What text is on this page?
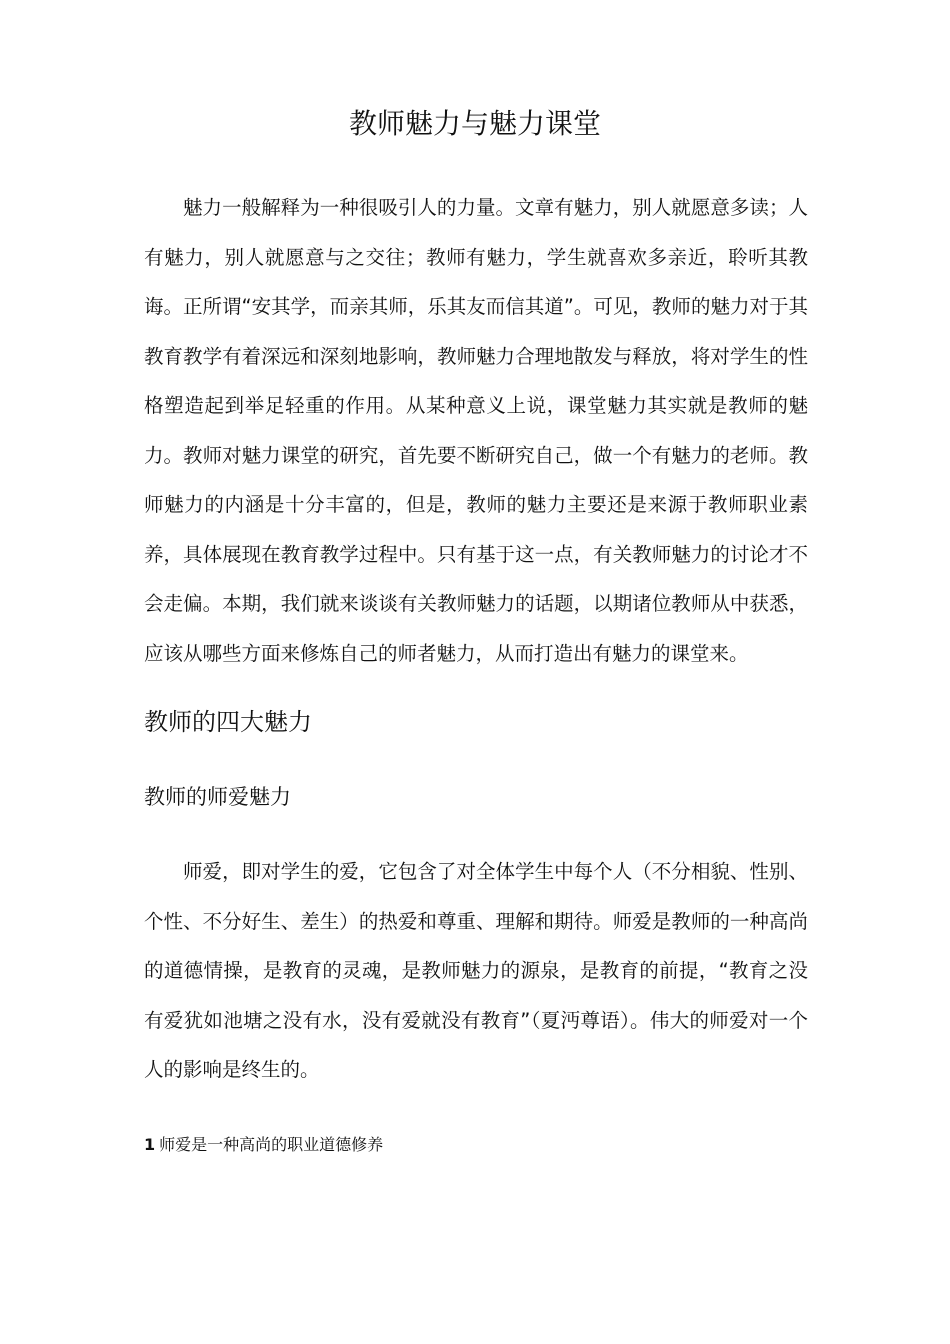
教师魅力与魅力课堂

魅力一般解释为一种很吸引人的力量。文章有魅力，别人就愿意多读；人有魅力，别人就愿意与之交往；教师有魅力，学生就喜欢多亲近，聆听其教诲。正所谓“安其学，而亲其师，乐其友而信其道”。可见，教师的魅力对于其教育教学有着深远和深刻地影响，教师魅力合理地散发与释放，将对学生的性格塑造起到举足轻重的作用。从某种意义上说，课堂魅力其实就是教师的魅力。教师对魅力课堂的研究，首先要不断研究自己，做一个有魅力的老师。教师魅力的内涵是十分丰富的，但是，教师的魅力主要还是来源于教师职业素养，具体展现在教育教学过程中。只有基于这一点，有关教师魅力的讨论才不会走偏。本期，我们就来谈谈有关教师魅力的话题，以期诸位教师从中获悉，应该从哪些方面来修炼自己的师者魅力，从而打造出有魅力的课堂来。

教师的四大魅力
教师的师爱魅力

师爱，即对学生的爱，它包含了对全体学生中每个人（不分相貌、性别、个性、不分好生、差生）的热爱和尊重、理解和期待。师爱是教师的一种高尚的道德情操，是教育的灵魂，是教师魅力的源泉，是教育的前提，“教育之没有爱犹如池塘之没有水，没有爱就没有教育”（夏沔尊语）。伟大的师爱对一个人的影响是终生的。

1 师爱是一种高尚的职业道德修养
